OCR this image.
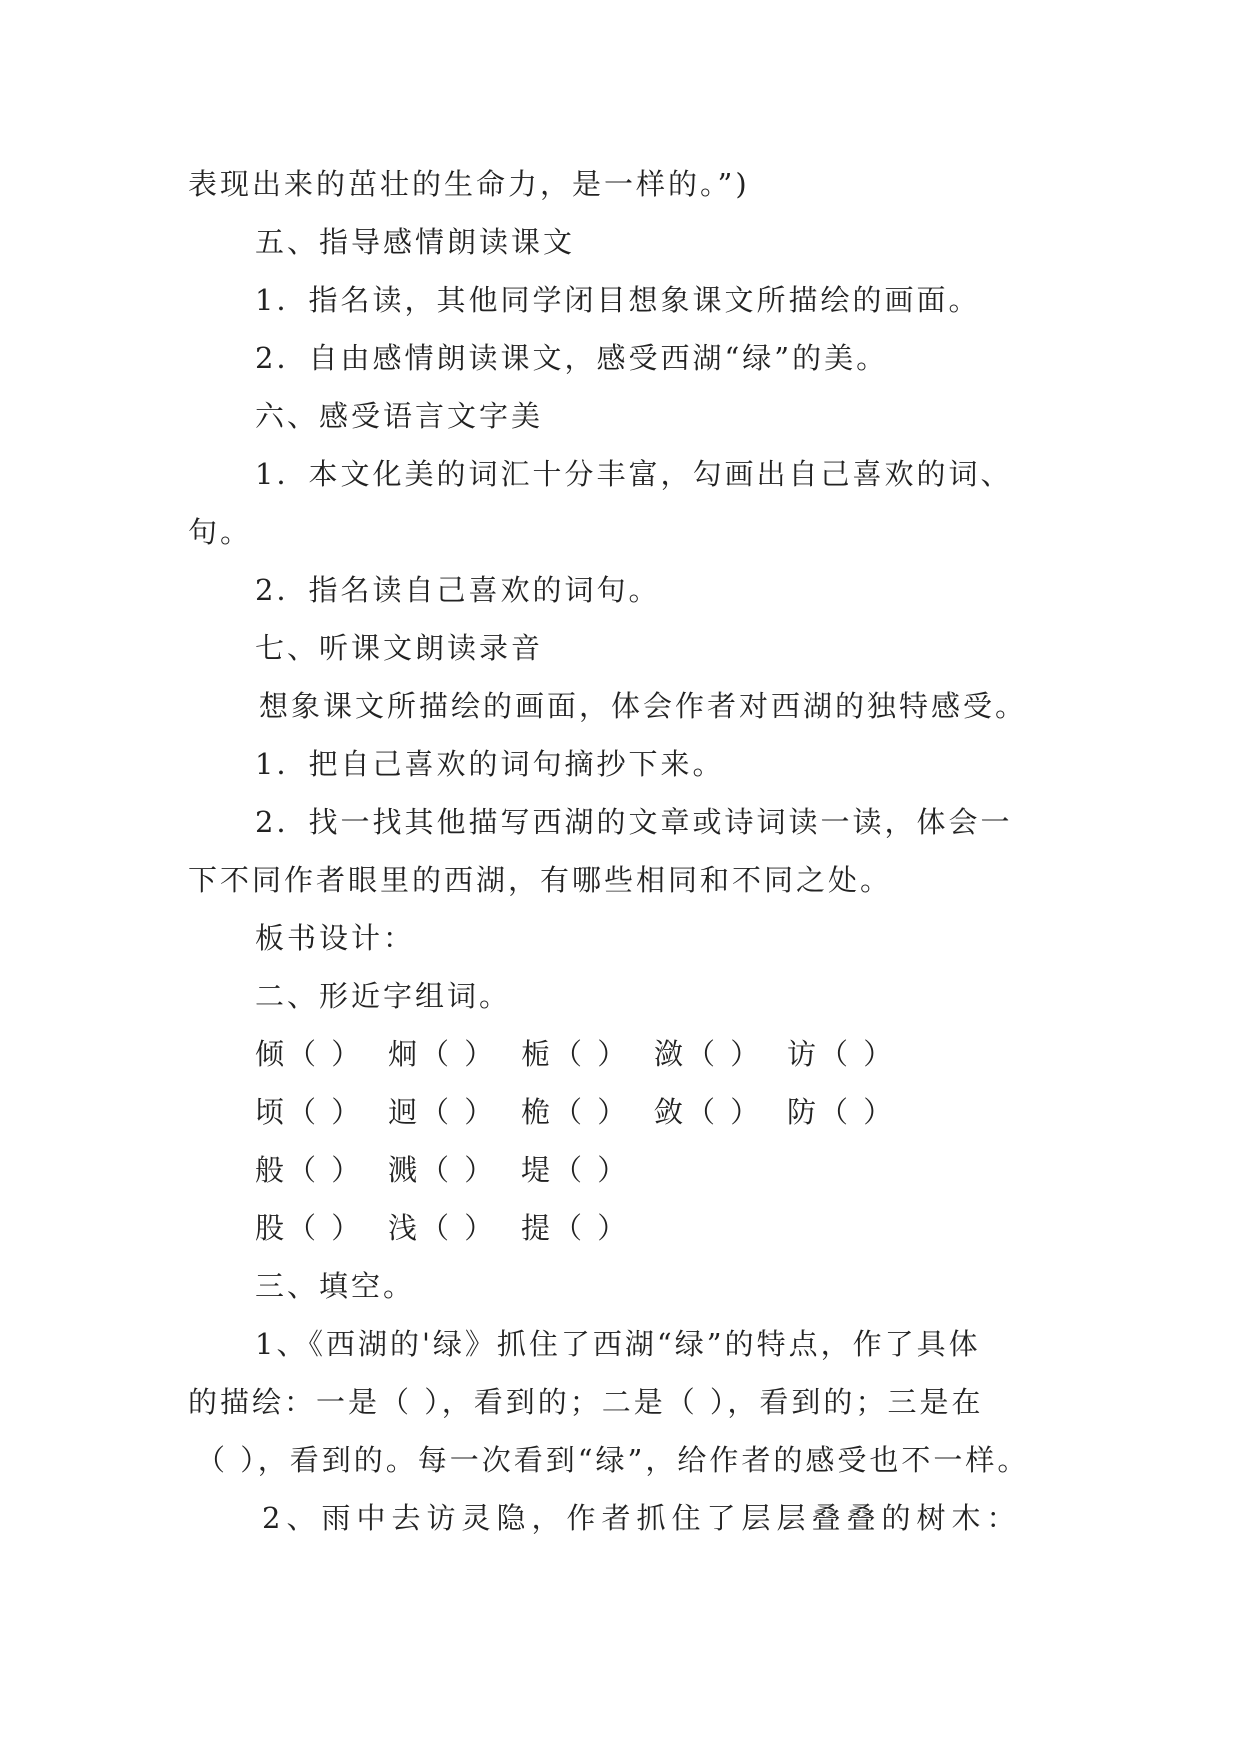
表现出来的茁壮的生命力，是一样的。”)
五、指导感情朗读课文
1．指名读，其他同学闭目想象课文所描绘的画面。
2．自由感情朗读课文，感受西湖“绿”的美。
六、感受语言文字美
1．本文化美的词汇十分丰富，勾画出自己喜欢的词、
句。
2．指名读自己喜欢的词句。
七、听课文朗读录音
想象课文所描绘的画面，体会作者对西湖的独特感受。
1．把自己喜欢的词句摘抄下来。
2．找一找其他描写西湖的文章或诗词读一读，体会一
下不同作者眼里的西湖，有哪些相同和不同之处。
板书设计：
二、形近字组词。
倾（ ） 炯（ ） 栀（ ） 潋（ ） 访（ ）
顷（ ） 迥（ ） 桅（ ） 敛（ ） 防（ ）
般（ ） 溅（ ） 堤（ ）
股（ ） 浅（ ） 提（ ）
三、填空。
1、《西湖的'绿》抓住了西湖“绿”的特点，作了具体
的描绘：一是（ ），看到的；二是（ ），看到的；三是在
（ ），看到的。每一次看到“绿”，给作者的感受也不一样。
2、雨中去访灵隐，作者抓住了层层叠叠的树木：
